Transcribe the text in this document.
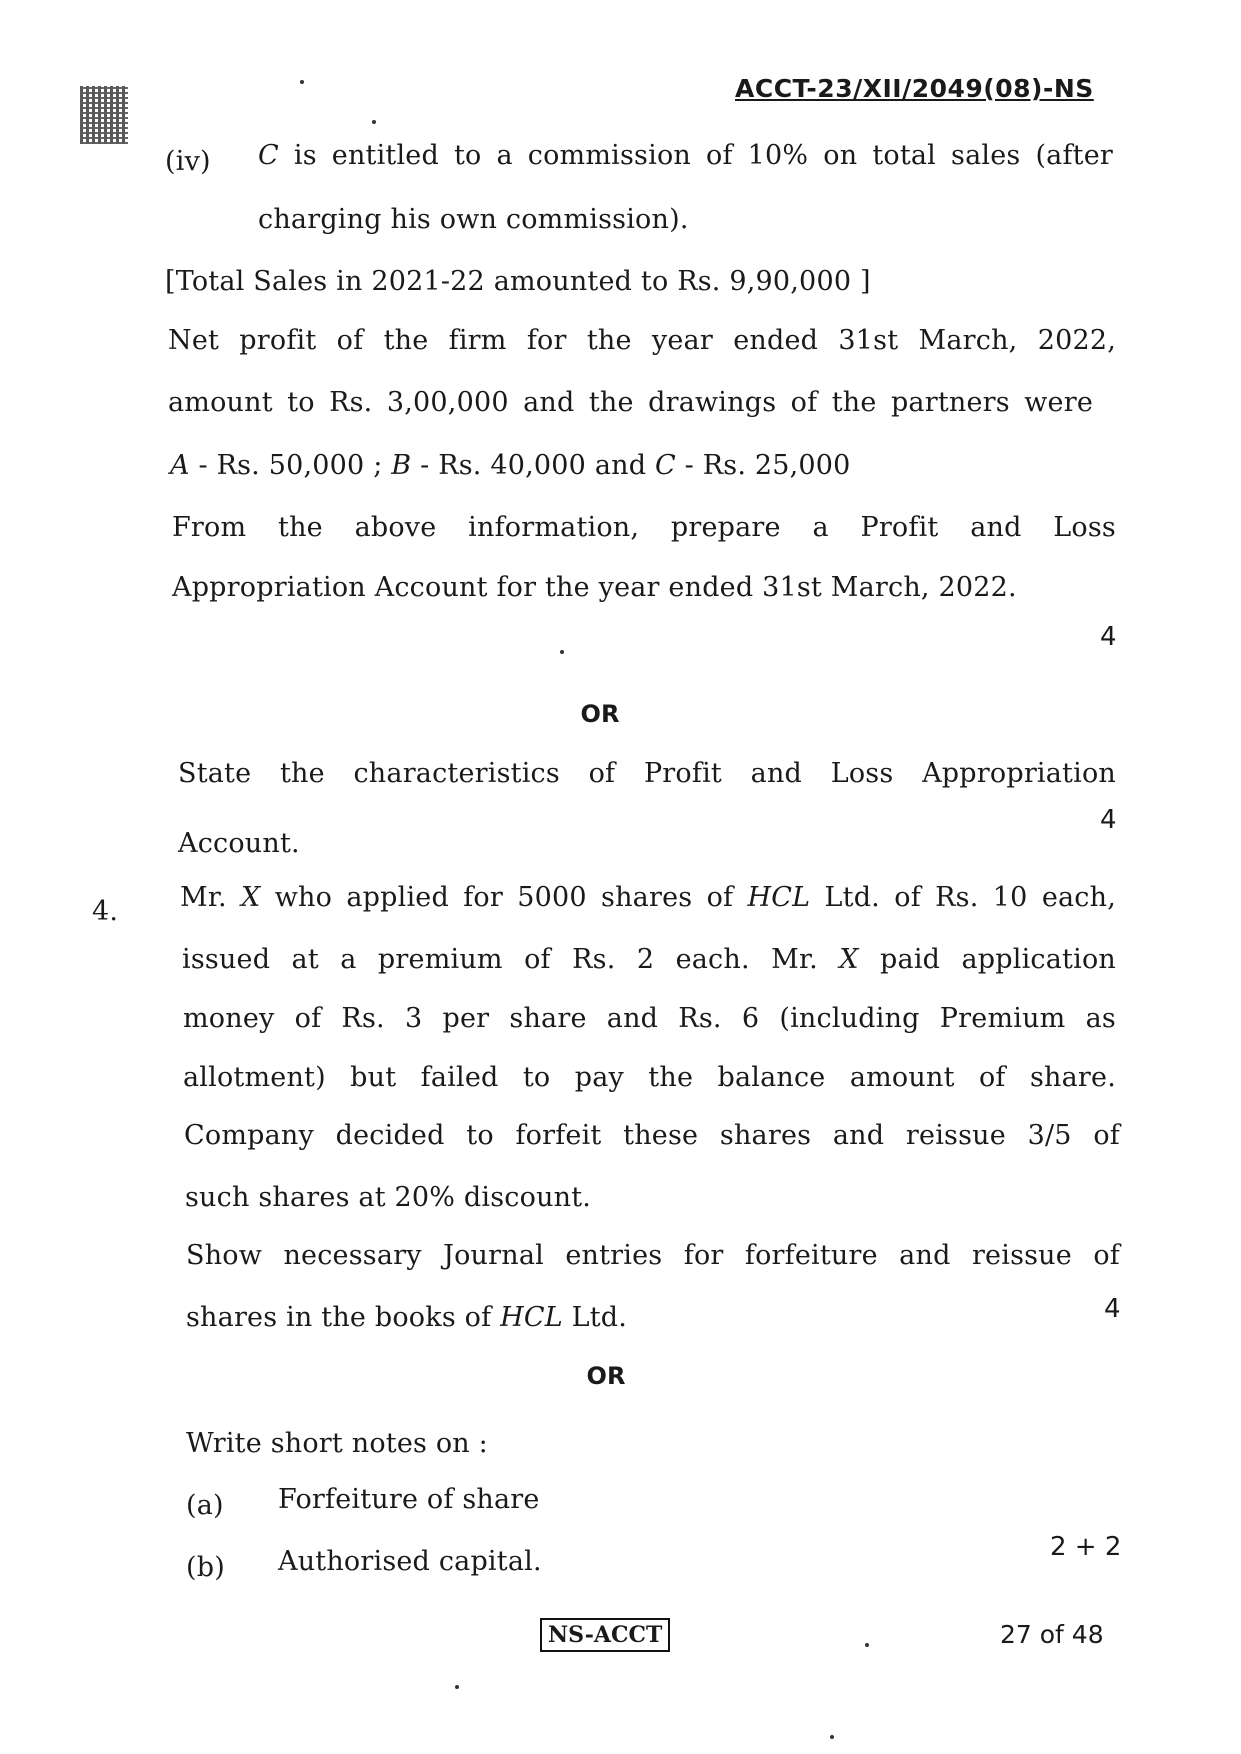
ACCT-23/XII/2049(08)-NS
(iv) C is entitled to a commission of 10% on total sales (after
charging his own commission).
[Total Sales in 2021-22 amounted to Rs. 9,90,000 ]
Net profit of the firm for the year ended 31st March, 2022,
amount to Rs. 3,00,000 and the drawings of the partners were
A - Rs. 50,000 ; B - Rs. 40,000 and C - Rs. 25,000
From the above information, prepare a Profit and Loss
Appropriation Account for the year ended 31st March, 2022.
4
OR
State the characteristics of Profit and Loss Appropriation
4
Account.
4. Mr. X who applied for 5000 shares of HCL Ltd. of Rs. 10 each,
issued at a premium of Rs. 2 each. Mr. X paid application
money of Rs. 3 per share and Rs. 6 (including Premium as
allotment) but failed to pay the balance amount of share.
Company decided to forfeit these shares and reissue 3/5 of
such shares at 20% discount.
Show necessary Journal entries for forfeiture and reissue of
shares in the books of HCL Ltd.	4
OR
Write short notes on :
(a) Forfeiture of share
(b) Authorised capital.	2 + 2
NS-ACCT	27 of 48
